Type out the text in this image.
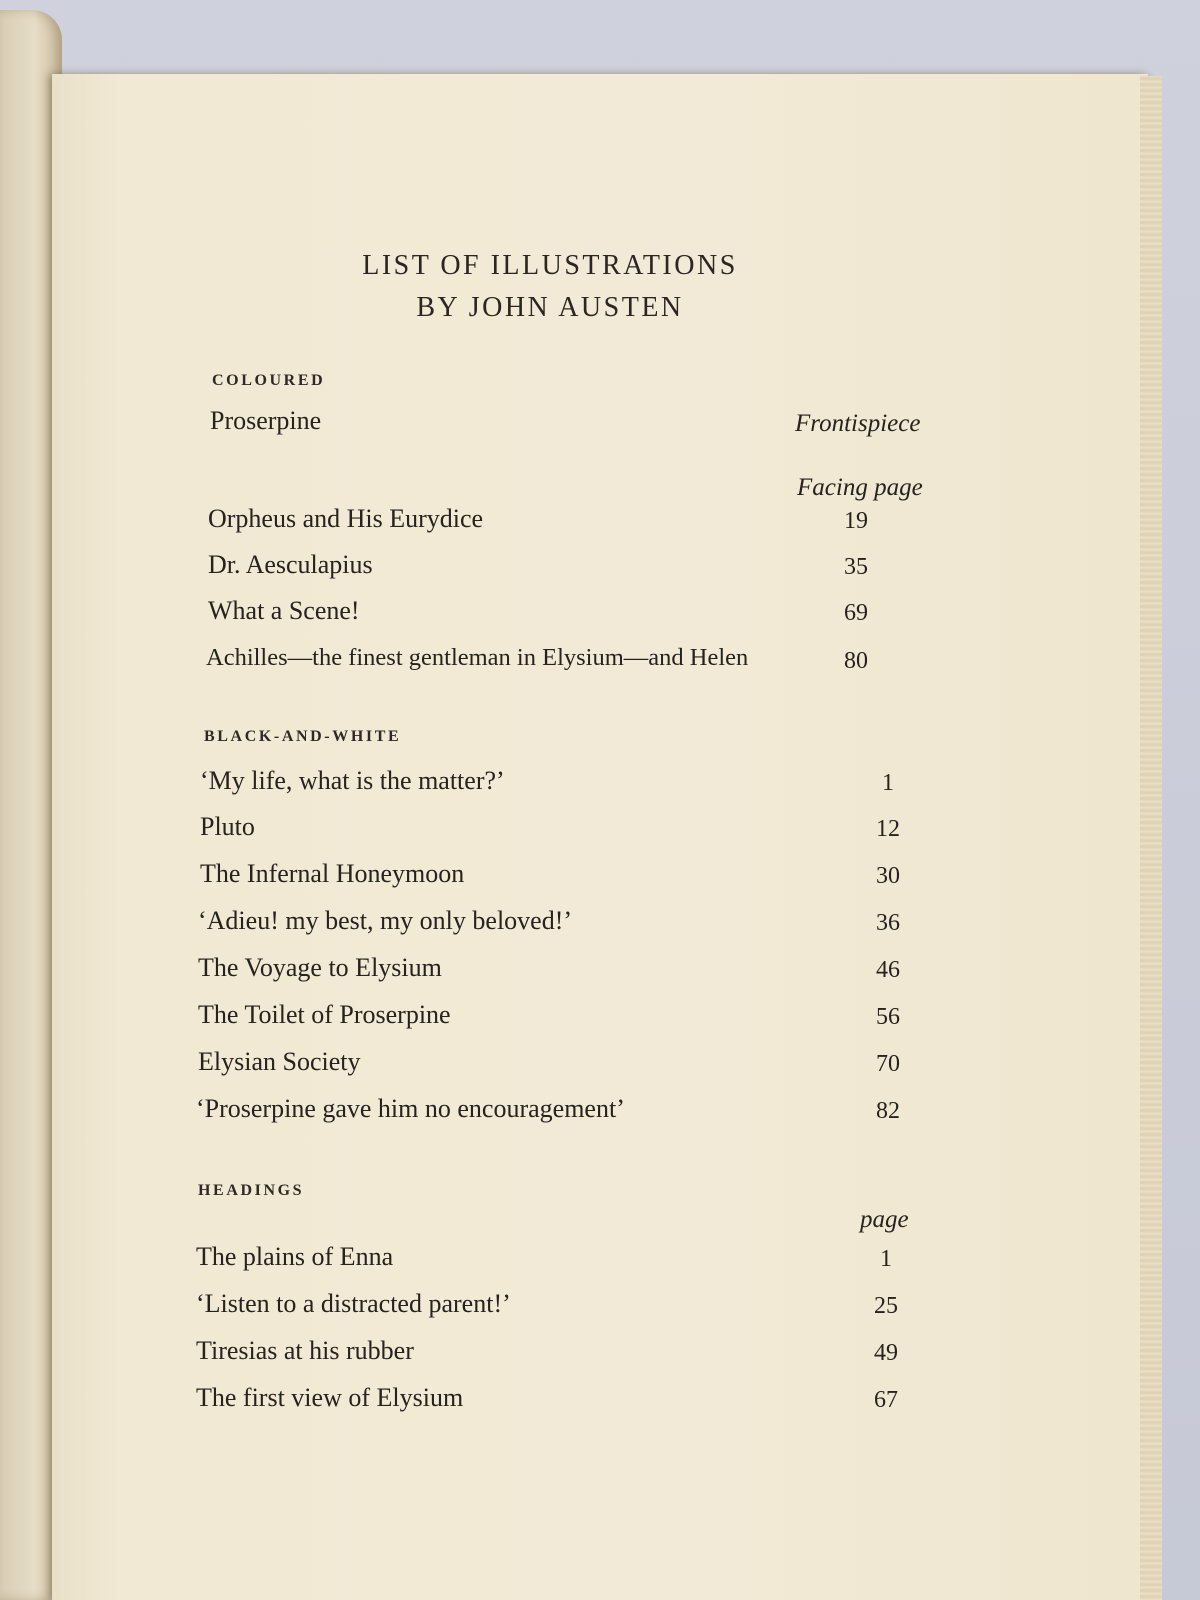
LIST OF ILLUSTRATIONS
BY JOHN AUSTEN
COLOURED
Proserpine	Frontispiece
Facing page
Orpheus and His Eurydice	19
Dr. Aesculapius	35
What a Scene!	69
Achilles—the finest gentleman in Elysium—and Helen	80
BLACK-AND-WHITE
‘My life, what is the matter?’	1
Pluto	12
The Infernal Honeymoon	30
‘Adieu! my best, my only beloved!’	36
The Voyage to Elysium	46
The Toilet of Proserpine	56
Elysian Society	70
‘Proserpine gave him no encouragement’	82
HEADINGS
page
The plains of Enna	1
‘Listen to a distracted parent!’	25
Tiresias at his rubber	49
The first view of Elysium	67
